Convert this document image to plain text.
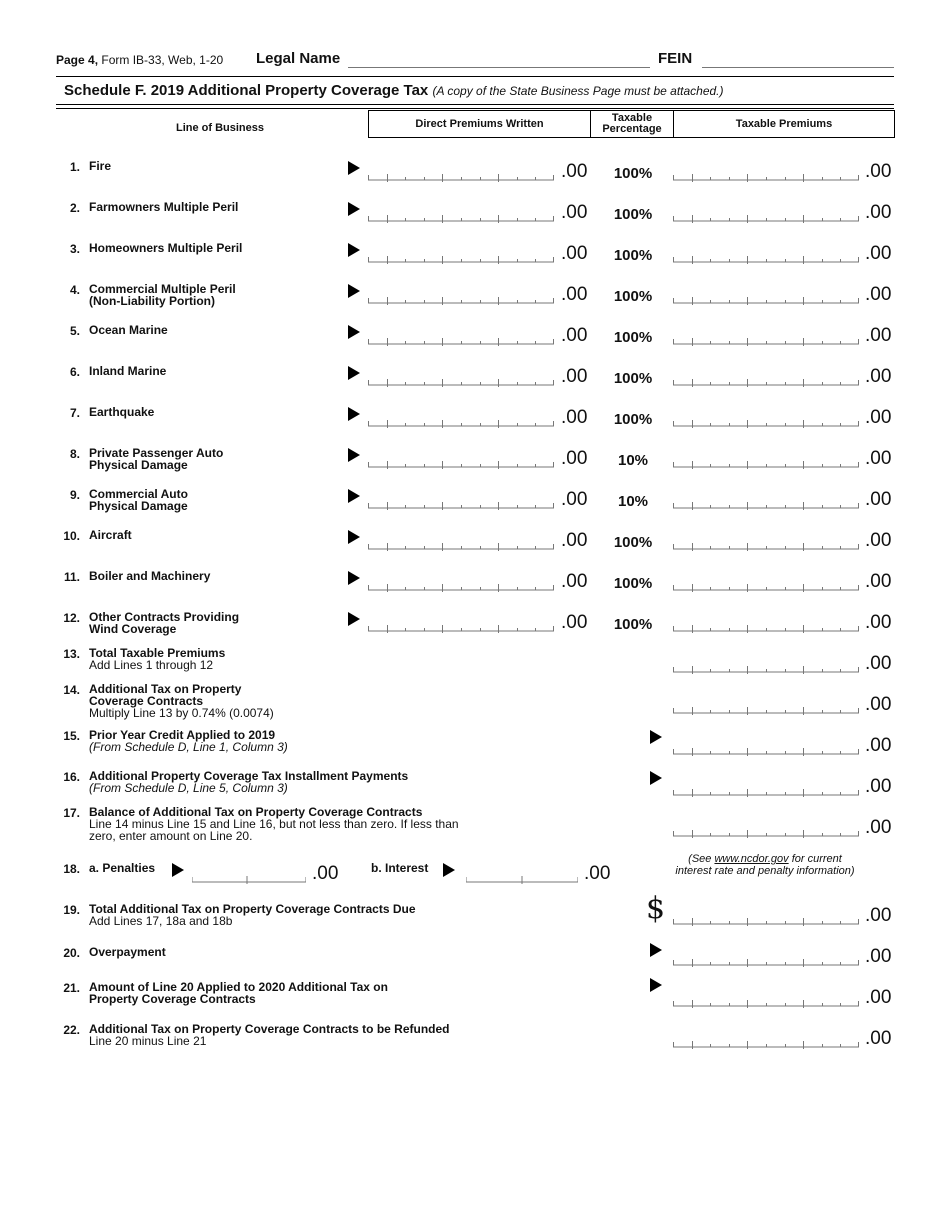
Page 4, Form IB-33, Web, 1-20 Legal Name	FEIN
Schedule F. 2019 Additional Property Coverage Tax (A copy of the State Business Page must be attached.)
Line of Business	Direct Premiums Written	Taxable Percentage	Taxable Premiums
1. Fire	.00	100%	.00
2. Farmowners Multiple Peril	.00	100%	.00
3. Homeowners Multiple Peril	.00	100%	.00
4. Commercial Multiple Peril
(Non-Liability Portion)	.00	100%	.00
5. Ocean Marine	.00	100%	.00
6. Inland Marine	.00	100%	.00
7. Earthquake	.00	100%	.00
8. Private Passenger Auto
Physical Damage	.00	10%	.00
9. Commercial Auto
Physical Damage	.00	10%	.00
10. Aircraft	.00	100%	.00
11. Boiler and Machinery	.00	100%	.00
12. Other Contracts Providing
Wind Coverage	.00	100%	.00
13. Total Taxable Premiums
Add Lines 1 through 12	.00
14. Additional Tax on Property
Coverage Contracts
Multiply Line 13 by 0.74% (0.0074)	.00
15. Prior Year Credit Applied to 2019
(From Schedule D, Line 1, Column 3)	.00
16. Additional Property Coverage Tax Installment Payments
(From Schedule D, Line 5, Column 3)	.00
17. Balance of Additional Tax on Property Coverage Contracts
Line 14 minus Line 15 and Line 16, but not less than zero. If less than
zero, enter amount on Line 20.	.00
19. Total Additional Tax on Property Coverage Contracts Due
Add Lines 17, 18a and 18b	$	.00
20. Overpayment	.00
21. Amount of Line 20 Applied to 2020 Additional Tax on
Property Coverage Contracts	.00
22. Additional Tax on Property Coverage Contracts to be Refunded
Line 20 minus Line 21	.00
18. a. Penalties	.00	b. Interest	.00
(See www.ncdor.gov for current
interest rate and penalty information)
